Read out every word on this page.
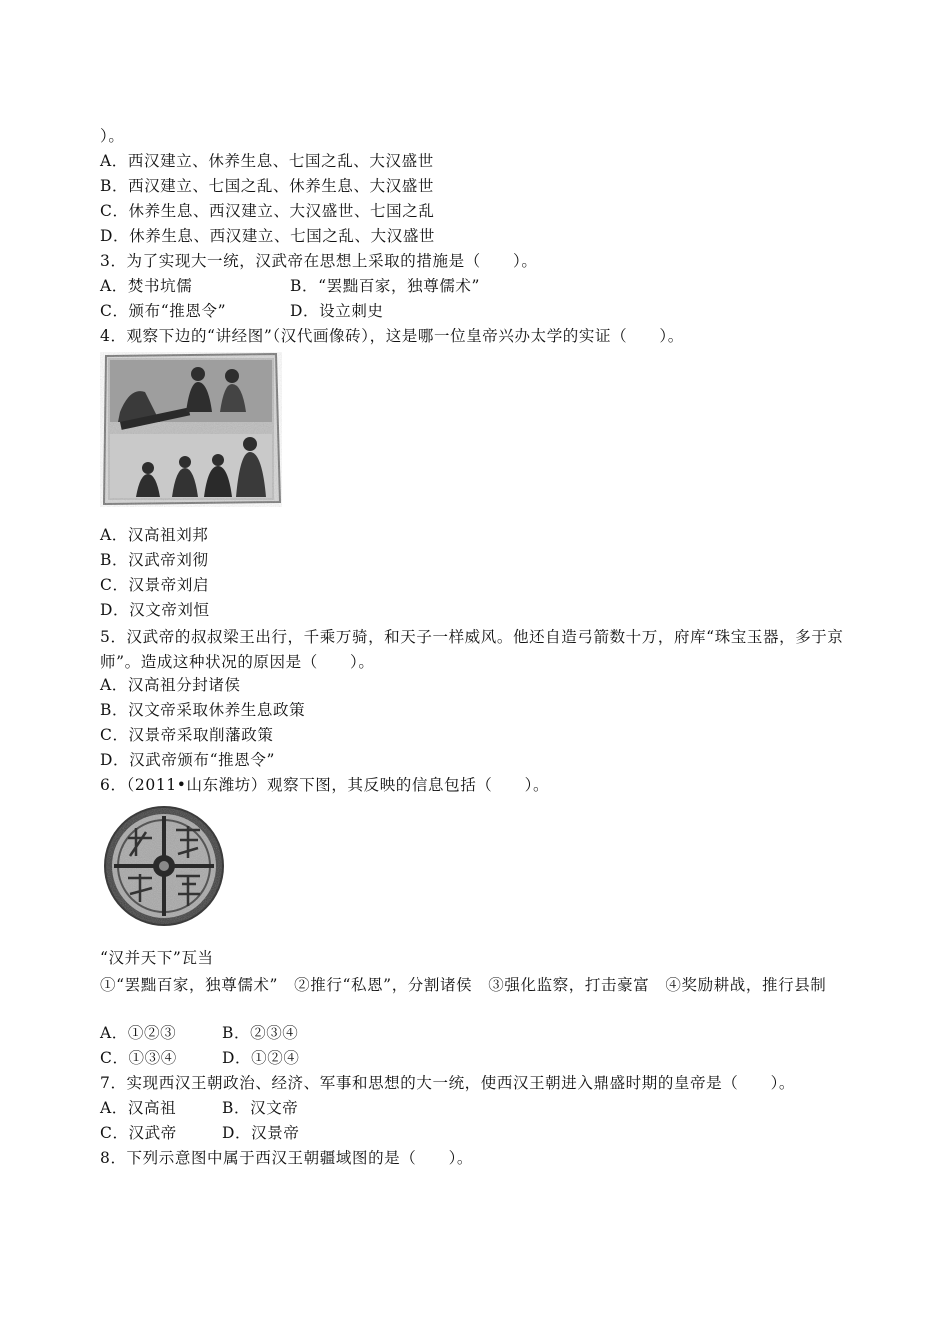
）。
A．西汉建立、休养生息、七国之乱、大汉盛世
B．西汉建立、七国之乱、休养生息、大汉盛世
C．休养生息、西汉建立、大汉盛世、七国之乱
D．休养生息、西汉建立、七国之乱、大汉盛世
3．为了实现大一统，汉武帝在思想上采取的措施是（　　）。
A．焚书坑儒	B．“罢黜百家，独尊儒术”
C．颁布“推恩令”	D．设立刺史
4．观察下边的“讲经图”（汉代画像砖），这是哪一位皇帝兴办太学的实证（　　）。
A．汉高祖刘邦
B．汉武帝刘彻
C．汉景帝刘启
D．汉文帝刘恒
5．汉武帝的叔叔梁王出行，千乘万骑，和天子一样威风。他还自造弓箭数十万，府库“珠宝玉器，多于京师”。造成这种状况的原因是（　　）。
A．汉高祖分封诸侯
B．汉文帝采取休养生息政策
C．汉景帝采取削藩政策
D．汉武帝颁布“推恩令”
6．（2011•山东潍坊）观察下图，其反映的信息包括（　　）。
“汉并天下”瓦当
①“罢黜百家，独尊儒术”　②推行“私恩”，分割诸侯　③强化监察，打击豪富　④奖励耕战，推行县制
A．①②③	B．②③④
C．①③④	D．①②④
7．实现西汉王朝政治、经济、军事和思想的大一统，使西汉王朝进入鼎盛时期的皇帝是（　　）。
A．汉高祖	B．汉文帝
C．汉武帝	D．汉景帝
8．下列示意图中属于西汉王朝疆域图的是（　　）。
